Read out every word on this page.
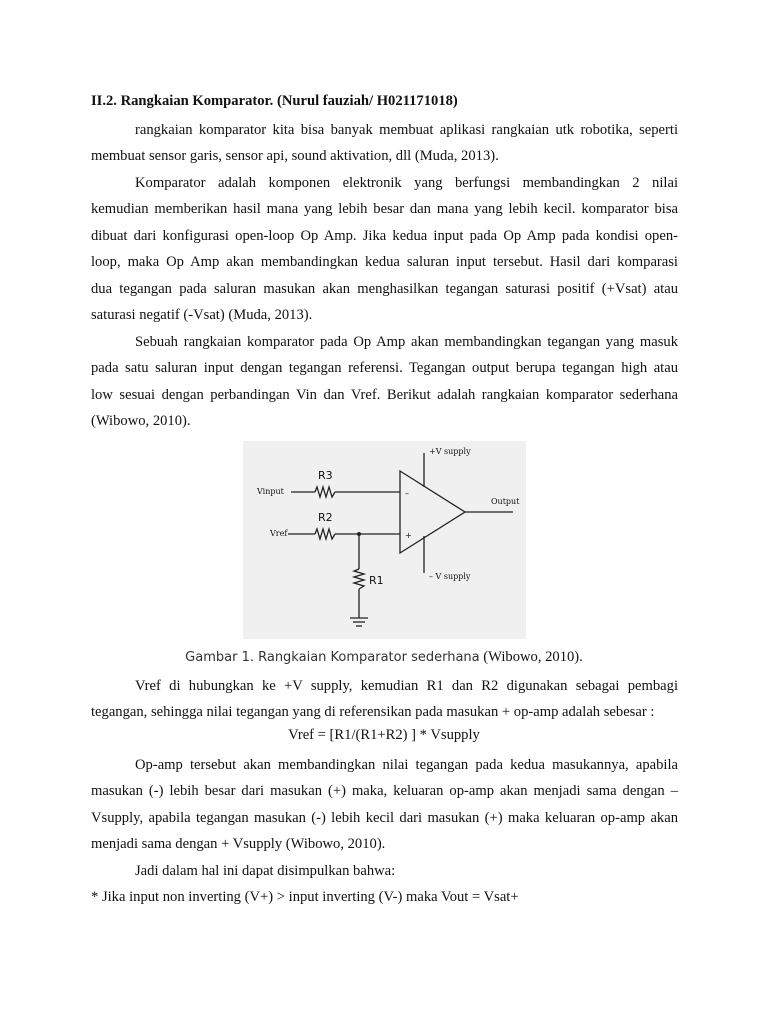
II.2. Rangkaian Komparator. (Nurul fauziah/ H021171018)

rangkaian komparator kita bisa banyak membuat aplikasi rangkaian utk robotika, seperti
membuat sensor garis, sensor api, sound aktivation, dll (Muda, 2013).

Komparator adalah komponen elektronik yang berfungsi membandingkan 2 nilai
kemudian memberikan hasil mana yang lebih besar dan mana yang lebih kecil. komparator bisa
dibuat dari konfigurasi open-loop Op Amp. Jika kedua input pada Op Amp pada kondisi open-
loop, maka Op Amp akan membandingkan kedua saluran input tersebut. Hasil dari komparasi
dua tegangan pada saluran masukan akan menghasilkan tegangan saturasi positif (+Vsat) atau
saturasi negatif (-Vsat) (Muda, 2013).

Sebuah rangkaian komparator pada Op Amp akan membandingkan tegangan yang masuk
pada satu saluran input dengan tegangan referensi. Tegangan output berupa tegangan high atau
low sesuai dengan perbandingan Vin dan Vref. Berikut adalah rangkaian komparator sederhana
(Wibowo, 2010).

+V supply
– V supply
R3
R2
R1
Vinput
Vref
Output
–
+
Gambar 1. Rangkaian Komparator sederhana (Wibowo, 2010).

Vref di hubungkan ke +V supply, kemudian R1 dan R2 digunakan sebagai pembagi
tegangan, sehingga nilai tegangan yang di referensikan pada masukan + op-amp adalah sebesar :

Vref = [R1/(R1+R2) ] * Vsupply

Op-amp tersebut akan membandingkan nilai tegangan pada kedua masukannya, apabila
masukan (-) lebih besar dari masukan (+) maka, keluaran op-amp akan menjadi sama dengan –
Vsupply, apabila tegangan masukan (-) lebih kecil dari masukan (+) maka keluaran op-amp akan
menjadi sama dengan + Vsupply (Wibowo, 2010).

Jadi dalam hal ini dapat disimpulkan bahwa:

* Jika input non inverting (V+) > input inverting (V-) maka Vout = Vsat+
